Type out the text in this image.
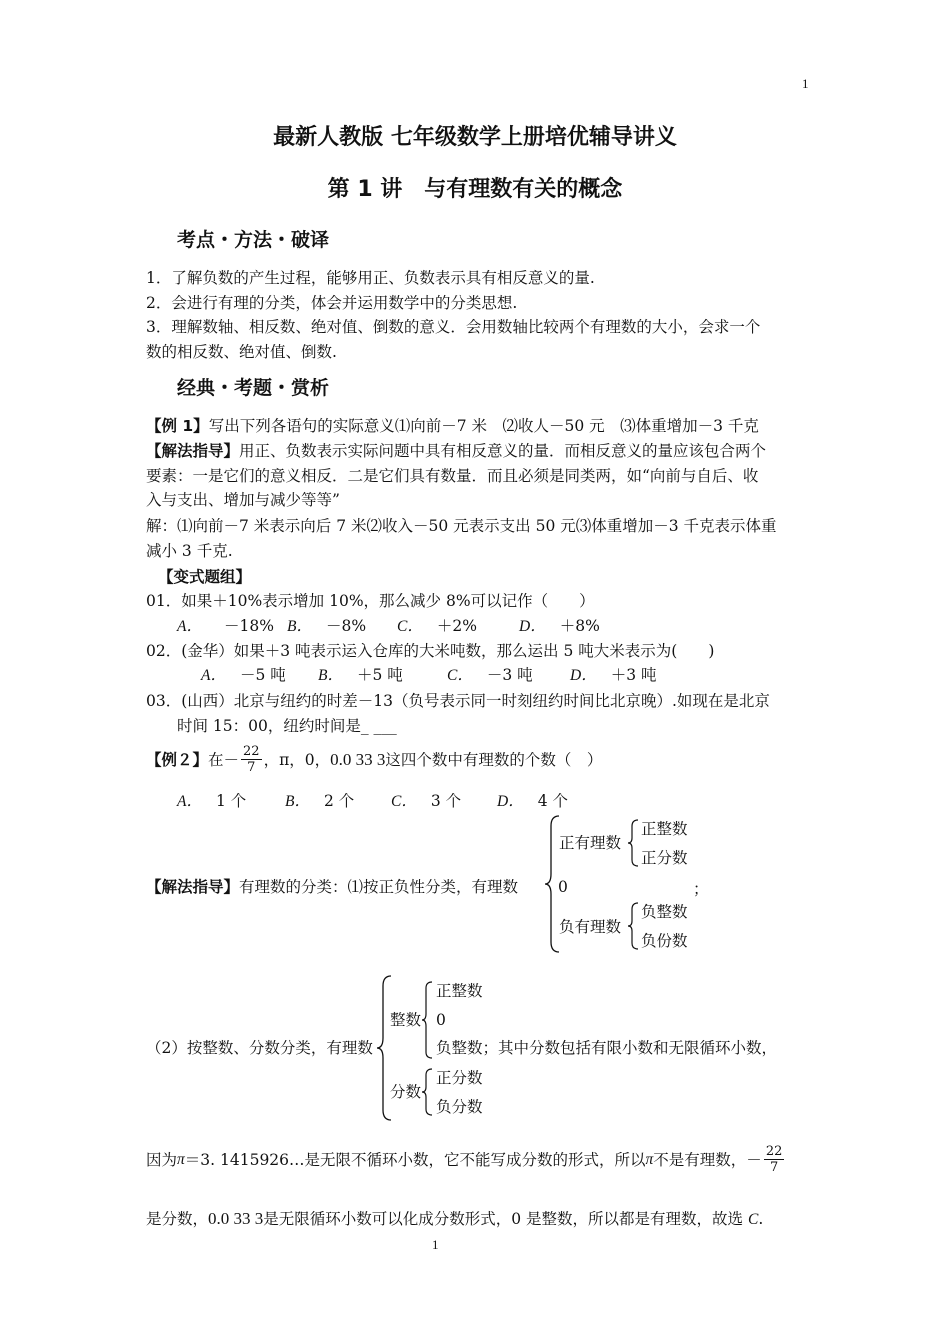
1
最新人教版 七年级数学上册培优辅导讲义
第 1 讲　与有理数有关的概念
考点・方法・破译
1．了解负数的产生过程，能够用正、负数表示具有相反意义的量.
2．会进行有理的分类，体会并运用数学中的分类思想.
3．理解数轴、相反数、绝对值、倒数的意义．会用数轴比较两个有理数的大小，会求一个
数的相反数、绝对值、倒数.
经典・考题・赏析
【例 1】写出下列各语句的实际意义⑴向前－7 米　⑵收人－50 元　⑶体重增加－3 千克
【解法指导】用正、负数表示实际问题中具有相反意义的量．而相反意义的量应该包合两个
要素：一是它们的意义相反．二是它们具有数量．而且必须是同类两，如“向前与自后、收
入与支出、增加与减少等等”
解：⑴向前－7 米表示向后 7 米⑵收入－50 元表示支出 50 元⑶体重增加－3 千克表示体重
减小 3 千克.
【变式题组】
01．如果＋10%表示增加 10%，那么减少 8%可以记作（　　）
A． －18% B． －8% C． ＋2%	D． ＋8%
02．(金华）如果＋3 吨表示运入仓库的大米吨数，那么运出 5 吨大米表示为(　　)
A． －5 吨 B． ＋5 吨	C． －3 吨 D． ＋3 吨
03．(山西）北京与纽约的时差－13（负号表示同一时刻纽约时间比北京晚）.如现在是北京
时间 15：00，纽约时间是_ ___
【例２】 在－ $\frac{22}{7}$ ，π，0， 0.0 33 3 这四个数中有理数的个数（　）
A． 1 个 B． 2 个 C． 3 个 D． 4 个
【解法指导】有理数的分类：⑴按正负性分类，有理数
正有理数
正整数
正分数
0	；
负有理数
负整数
负份数
（2）按整数、分数分类，有理数
整数
正整数
0
负整数；其中分数包括有限小数和无限循环小数，
分数
正分数
负分数
因为 π ＝3. 1415926…是无限不循环小数，它不能写成分数的形式，所以 π 不是有理数，－ $\frac{22}{7}$
是分数，0.0 33 3是无限循环小数可以化成分数形式，0 是整数，所以都是有理数，故选 C.
1
